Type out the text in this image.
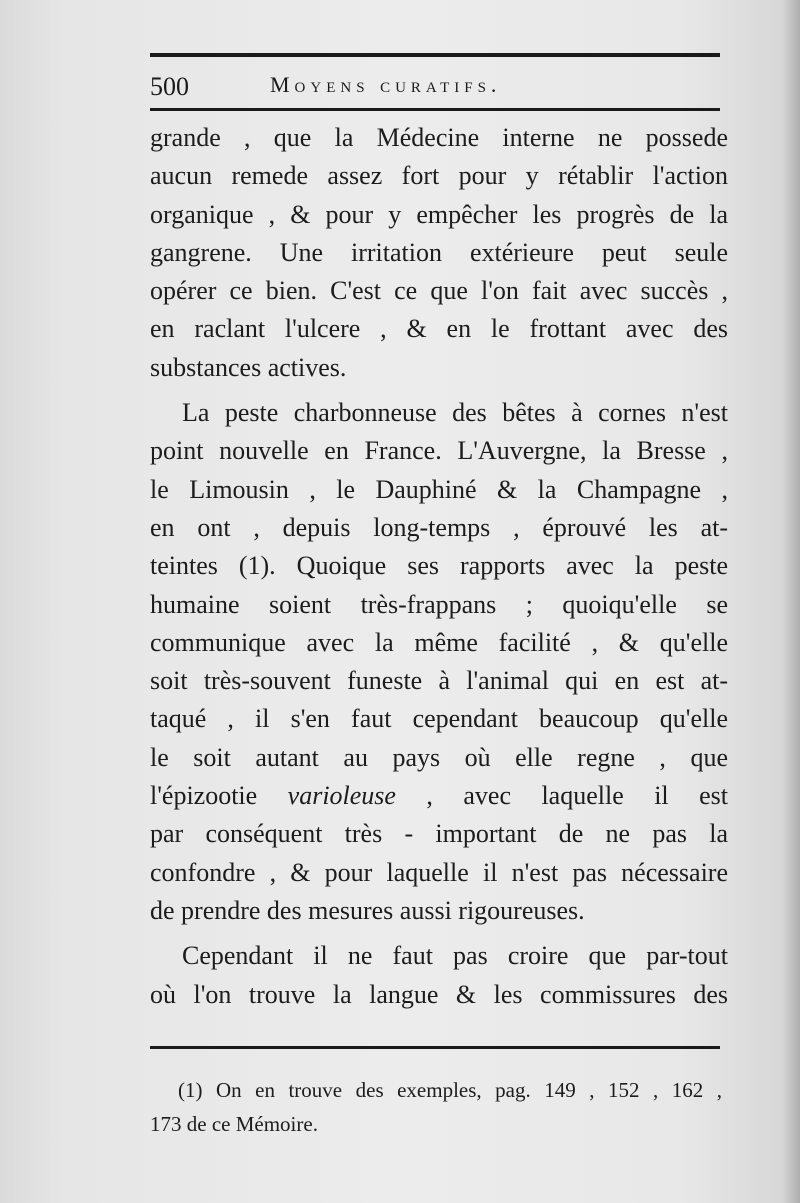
500	Moyens curatifs.
grande , que la Médecine interne ne possede
aucun remede assez fort pour y rétablir l'action
organique , & pour y empêcher les progrès de la
gangrene. Une irritation extérieure peut seule
opérer ce bien. C'est ce que l'on fait avec succès ,
en raclant l'ulcere , & en le frottant avec des
substances actives.
La peste charbonneuse des bêtes à cornes n'est
point nouvelle en France. L'Auvergne, la Bresse ,
le Limousin , le Dauphiné & la Champagne ,
en ont , depuis long-temps , éprouvé les at-
teintes (1). Quoique ses rapports avec la peste
humaine soient très-frappans ; quoiqu'elle se
communique avec la même facilité , & qu'elle
soit très-souvent funeste à l'animal qui en est at-
taqué , il s'en faut cependant beaucoup qu'elle
le soit autant au pays où elle regne , que
l'épizootie varioleuse , avec laquelle il est
par conséquent très - important de ne pas la
confondre , & pour laquelle il n'est pas nécessaire
de prendre des mesures aussi rigoureuses.
Cependant il ne faut pas croire que par-tout
où l'on trouve la langue & les commissures des
(1) On en trouve des exemples, pag. 149 , 152 , 162 ,
173 de ce Mémoire.
